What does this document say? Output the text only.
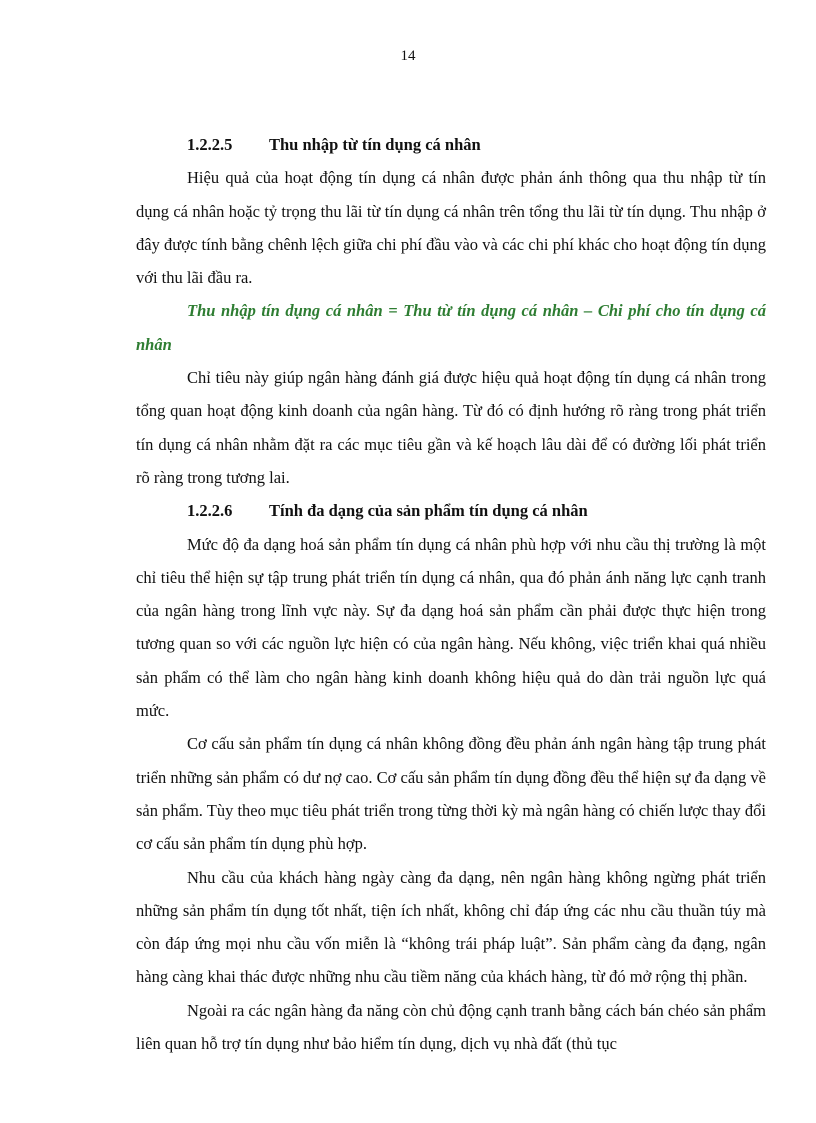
14

1.2.2.5 Thu nhập từ tín dụng cá nhân

Hiệu quả của hoạt động tín dụng cá nhân được phản ánh thông qua thu nhập từ tín dụng cá nhân hoặc tỷ trọng thu lãi từ tín dụng cá nhân trên tổng thu lãi từ tín dụng. Thu nhập ở đây được tính bằng chênh lệch giữa chi phí đầu vào và các chi phí khác cho hoạt động tín dụng với thu lãi đầu ra.

Thu nhập tín dụng cá nhân = Thu từ tín dụng cá nhân – Chi phí cho tín dụng cá nhân

Chỉ tiêu này giúp ngân hàng đánh giá được hiệu quả hoạt động tín dụng cá nhân trong tổng quan hoạt động kinh doanh của ngân hàng. Từ đó có định hướng rõ ràng trong phát triển tín dụng cá nhân nhằm đặt ra các mục tiêu gần và kế hoạch lâu dài để có đường lối phát triển rõ ràng trong tương lai.

1.2.2.6 Tính đa dạng của sản phẩm tín dụng cá nhân

Mức độ đa dạng hoá sản phẩm tín dụng cá nhân phù hợp với nhu cầu thị trường là một chỉ tiêu thể hiện sự tập trung phát triển tín dụng cá nhân, qua đó phản ánh năng lực cạnh tranh của ngân hàng trong lĩnh vực này. Sự đa dạng hoá sản phẩm cần phải được thực hiện trong tương quan so với các nguồn lực hiện có của ngân hàng. Nếu không, việc triển khai quá nhiều sản phẩm có thể làm cho ngân hàng kinh doanh không hiệu quả do dàn trải nguồn lực quá mức.

Cơ cấu sản phẩm tín dụng cá nhân không đồng đều phản ánh ngân hàng tập trung phát triển những sản phẩm có dư nợ cao. Cơ cấu sản phẩm tín dụng đồng đều thể hiện sự đa dạng về sản phẩm. Tùy theo mục tiêu phát triển trong từng thời kỳ mà ngân hàng có chiến lược thay đổi cơ cấu sản phẩm tín dụng phù hợp.

Nhu cầu của khách hàng ngày càng đa dạng, nên ngân hàng không ngừng phát triển những sản phẩm tín dụng tốt nhất, tiện ích nhất, không chỉ đáp ứng các nhu cầu thuần túy mà còn đáp ứng mọi nhu cầu vốn miễn là “không trái pháp luật”. Sản phẩm càng đa đạng, ngân hàng càng khai thác được những nhu cầu tiềm năng của khách hàng, từ đó mở rộng thị phần.

Ngoài ra các ngân hàng đa năng còn chủ động cạnh tranh bằng cách bán chéo sản phẩm liên quan hỗ trợ tín dụng như bảo hiểm tín dụng, dịch vụ nhà đất (thủ tục
